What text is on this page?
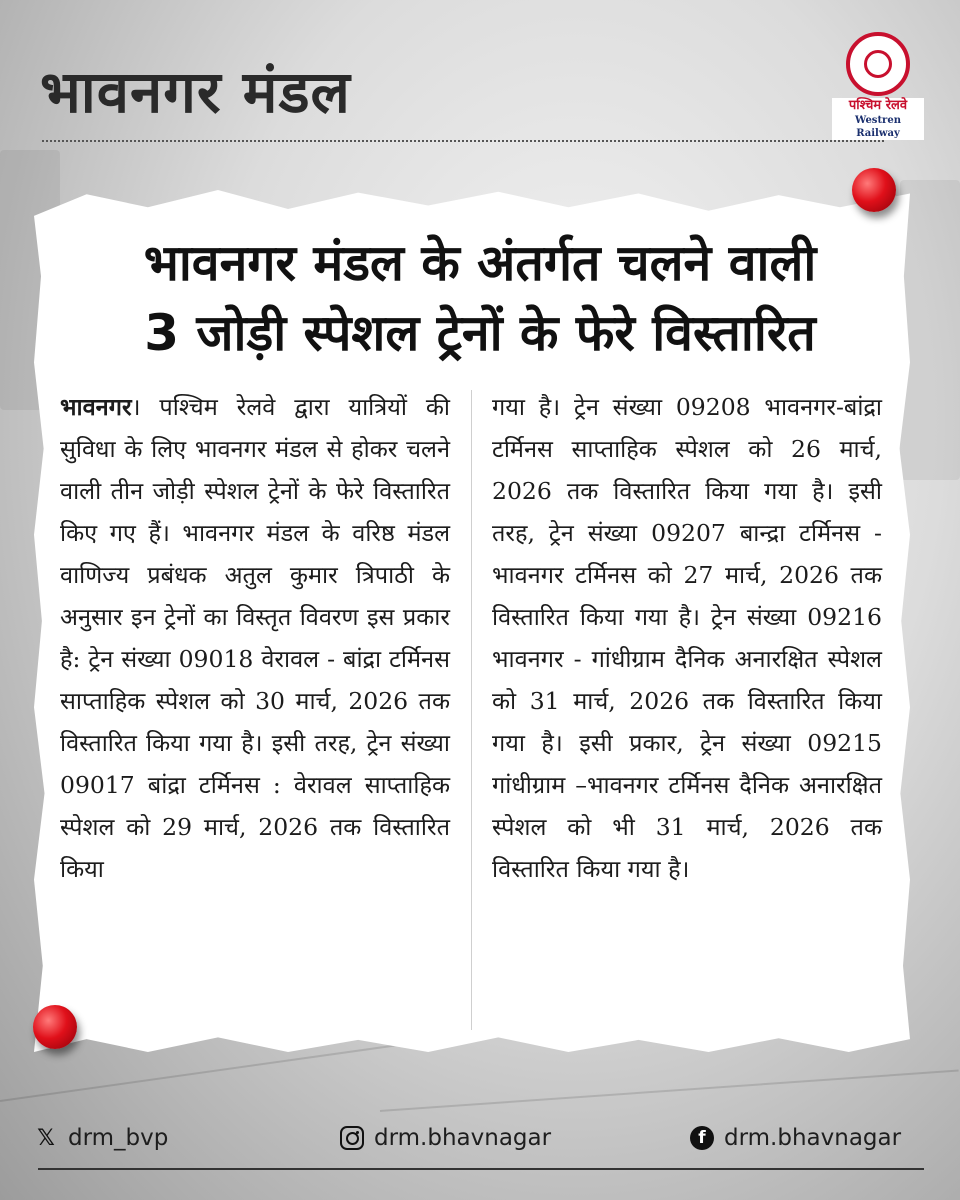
भावनगर मंडल	पश्चिम रेलवे
Westren Railway
भावनगर मंडल के अंतर्गत चलने वाली
3 जोड़ी स्पेशल ट्रेनों के फेरे विस्तारित

भावनगर। पश्चिम रेलवे द्वारा यात्रियों की सुविधा के लिए भावनगर मंडल से होकर चलने वाली तीन जोड़ी स्पेशल ट्रेनों के फेरे विस्तारित किए गए हैं। भावनगर मंडल के वरिष्ठ मंडल वाणिज्य प्रबंधक अतुल कुमार त्रिपाठी के अनुसार इन ट्रेनों का विस्तृत विवरण इस प्रकार है: ट्रेन संख्या 09018 वेरावल - बांद्रा टर्मिनस साप्ताहिक स्पेशल को 30 मार्च, 2026 तक विस्तारित किया गया है। इसी तरह, ट्रेन संख्या 09017 बांद्रा टर्मिनस : वेरावल साप्ताहिक स्पेशल को 29 मार्च, 2026 तक विस्तारित किया

गया है। ट्रेन संख्या 09208 भावनगर-बांद्रा टर्मिनस साप्ताहिक स्पेशल को 26 मार्च, 2026 तक विस्तारित किया गया है। इसी तरह, ट्रेन संख्या 09207 बान्द्रा टर्मिनस - भावनगर टर्मिनस को 27 मार्च, 2026 तक विस्तारित किया गया है। ट्रेन संख्या 09216 भावनगर - गांधीग्राम दैनिक अनारक्षित स्पेशल को 31 मार्च, 2026 तक विस्तारित किया गया है। इसी प्रकार, ट्रेन संख्या 09215 गांधीग्राम –भावनगर टर्मिनस दैनिक अनारक्षित स्पेशल को भी 31 मार्च, 2026 तक विस्तारित किया गया है।

𝕏 drm_bvp	drm.bhavnagar	f drm.bhavnagar
